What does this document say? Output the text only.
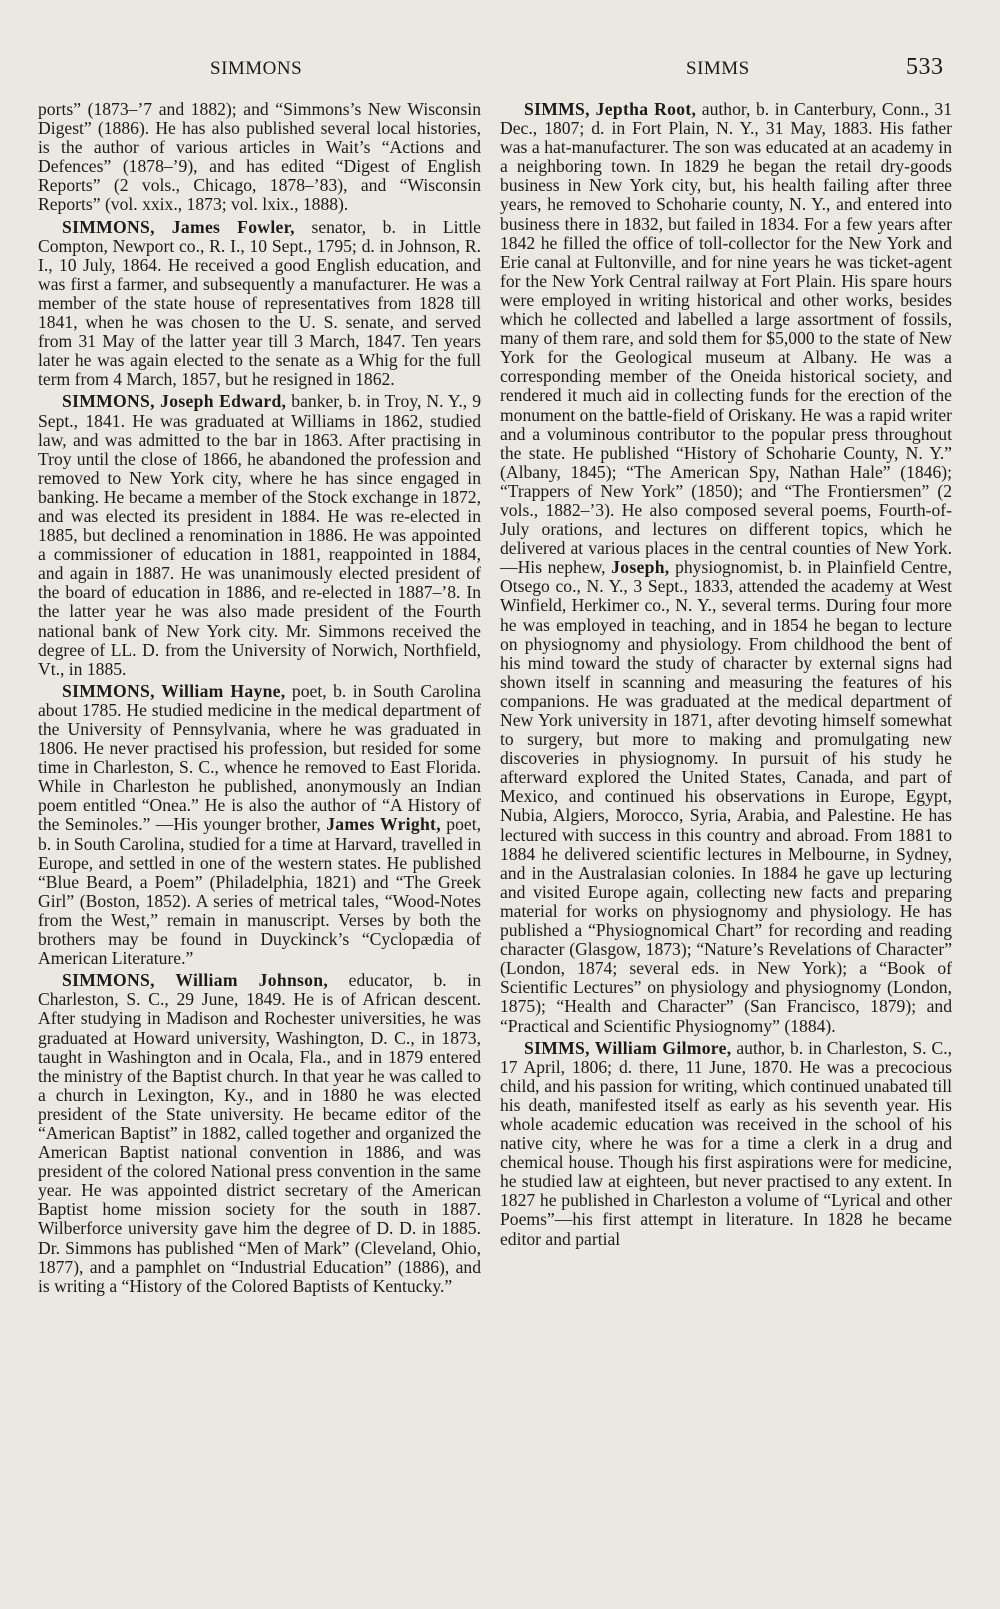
SIMMONS	SIMMS	533

ports” (1873–’7 and 1882); and “Simmons’s New Wisconsin Digest” (1886). He has also published several local histories, is the author of various articles in Wait’s “Actions and Defences” (1878–’9), and has edited “Digest of English Reports” (2 vols., Chicago, 1878–’83), and “Wisconsin Reports” (vol. xxix., 1873; vol. lxix., 1888).

SIMMONS, James Fowler, senator, b. in Little Compton, Newport co., R. I., 10 Sept., 1795; d. in Johnson, R. I., 10 July, 1864. He received a good English education, and was first a farmer, and subsequently a manufacturer. He was a member of the state house of representatives from 1828 till 1841, when he was chosen to the U. S. senate, and served from 31 May of the latter year till 3 March, 1847. Ten years later he was again elected to the senate as a Whig for the full term from 4 March, 1857, but he resigned in 1862.

SIMMONS, Joseph Edward, banker, b. in Troy, N. Y., 9 Sept., 1841. He was graduated at Williams in 1862, studied law, and was admitted to the bar in 1863. After practising in Troy until the close of 1866, he abandoned the profession and removed to New York city, where he has since engaged in banking. He became a member of the Stock exchange in 1872, and was elected its president in 1884. He was re-elected in 1885, but declined a renomination in 1886. He was appointed a commissioner of education in 1881, reappointed in 1884, and again in 1887. He was unanimously elected president of the board of education in 1886, and re-elected in 1887–’8. In the latter year he was also made president of the Fourth national bank of New York city. Mr. Simmons received the degree of LL. D. from the University of Norwich, Northfield, Vt., in 1885.

SIMMONS, William Hayne, poet, b. in South Carolina about 1785. He studied medicine in the medical department of the University of Pennsylvania, where he was graduated in 1806. He never practised his profession, but resided for some time in Charleston, S. C., whence he removed to East Florida. While in Charleston he published, anonymously an Indian poem entitled “Onea.” He is also the author of “A History of the Seminoles.” —His younger brother, James Wright, poet, b. in South Carolina, studied for a time at Harvard, travelled in Europe, and settled in one of the western states. He published “Blue Beard, a Poem” (Philadelphia, 1821) and “The Greek Girl” (Boston, 1852). A series of metrical tales, “Wood-Notes from the West,” remain in manuscript. Verses by both the brothers may be found in Duyckinck’s “Cyclopædia of American Literature.”

SIMMONS, William Johnson, educator, b. in Charleston, S. C., 29 June, 1849. He is of African descent. After studying in Madison and Rochester universities, he was graduated at Howard university, Washington, D. C., in 1873, taught in Washington and in Ocala, Fla., and in 1879 entered the ministry of the Baptist church. In that year he was called to a church in Lexington, Ky., and in 1880 he was elected president of the State university. He became editor of the “American Baptist” in 1882, called together and organized the American Baptist national convention in 1886, and was president of the colored National press convention in the same year. He was appointed district secretary of the American Baptist home mission society for the south in 1887. Wilberforce university gave him the degree of D. D. in 1885. Dr. Simmons has published “Men of Mark” (Cleveland, Ohio, 1877), and a pamphlet on “Industrial Education” (1886), and is writing a “History of the Colored Baptists of Kentucky.”

SIMMS, Jeptha Root, author, b. in Canterbury, Conn., 31 Dec., 1807; d. in Fort Plain, N. Y., 31 May, 1883. His father was a hat-manufacturer. The son was educated at an academy in a neighboring town. In 1829 he began the retail dry-goods business in New York city, but, his health failing after three years, he removed to Schoharie county, N. Y., and entered into business there in 1832, but failed in 1834. For a few years after 1842 he filled the office of toll-collector for the New York and Erie canal at Fultonville, and for nine years he was ticket-agent for the New York Central railway at Fort Plain. His spare hours were employed in writing historical and other works, besides which he collected and labelled a large assortment of fossils, many of them rare, and sold them for $5,000 to the state of New York for the Geological museum at Albany. He was a corresponding member of the Oneida historical society, and rendered it much aid in collecting funds for the erection of the monument on the battle-field of Oriskany. He was a rapid writer and a voluminous contributor to the popular press throughout the state. He published “History of Schoharie County, N. Y.” (Albany, 1845); “The American Spy, Nathan Hale” (1846); “Trappers of New York” (1850); and “The Frontiersmen” (2 vols., 1882–’3). He also composed several poems, Fourth-of-July orations, and lectures on different topics, which he delivered at various places in the central counties of New York.—His nephew, Joseph, physiognomist, b. in Plainfield Centre, Otsego co., N. Y., 3 Sept., 1833, attended the academy at West Winfield, Herkimer co., N. Y., several terms. During four more he was employed in teaching, and in 1854 he began to lecture on physiognomy and physiology. From childhood the bent of his mind toward the study of character by external signs had shown itself in scanning and measuring the features of his companions. He was graduated at the medical department of New York university in 1871, after devoting himself somewhat to surgery, but more to making and promulgating new discoveries in physiognomy. In pursuit of his study he afterward explored the United States, Canada, and part of Mexico, and continued his observations in Europe, Egypt, Nubia, Algiers, Morocco, Syria, Arabia, and Palestine. He has lectured with success in this country and abroad. From 1881 to 1884 he delivered scientific lectures in Melbourne, in Sydney, and in the Australasian colonies. In 1884 he gave up lecturing and visited Europe again, collecting new facts and preparing material for works on physiognomy and physiology. He has published a “Physiognomical Chart” for recording and reading character (Glasgow, 1873); “Nature’s Revelations of Character” (London, 1874; several eds. in New York); a “Book of Scientific Lectures” on physiology and physiognomy (London, 1875); “Health and Character” (San Francisco, 1879); and “Practical and Scientific Physiognomy” (1884).

SIMMS, William Gilmore, author, b. in Charleston, S. C., 17 April, 1806; d. there, 11 June, 1870. He was a precocious child, and his passion for writing, which continued unabated till his death, manifested itself as early as his seventh year. His whole academic education was received in the school of his native city, where he was for a time a clerk in a drug and chemical house. Though his first aspirations were for medicine, he studied law at eighteen, but never practised to any extent. In 1827 he published in Charleston a volume of “Lyrical and other Poems”—his first attempt in literature. In 1828 he became editor and partial
